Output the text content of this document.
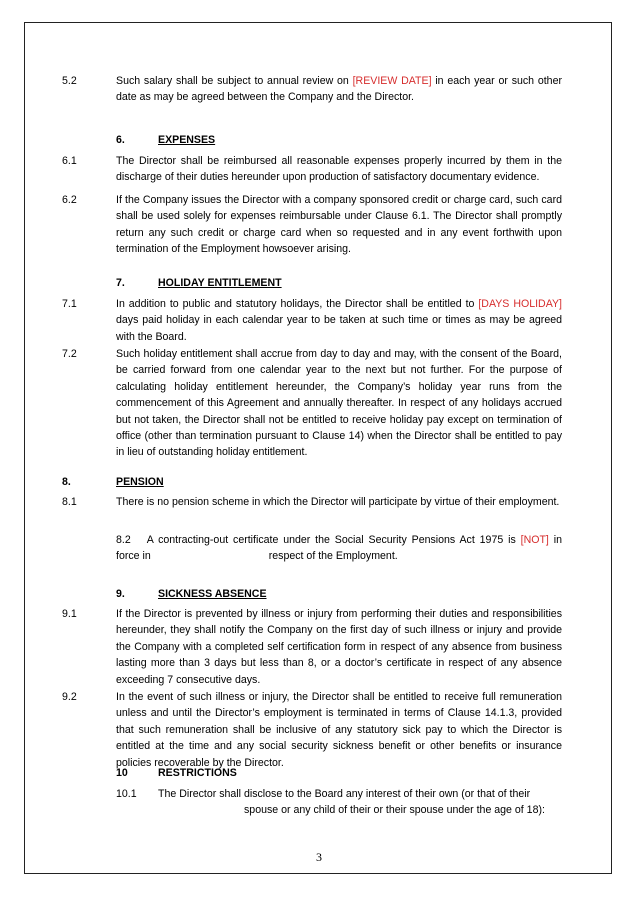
5.2	Such salary shall be subject to annual review on [REVIEW DATE] in each year or such other date as may be agreed between the Company and the Director.
6.	EXPENSES
6.1	The Director shall be reimbursed all reasonable expenses properly incurred by them in the discharge of their duties hereunder upon production of satisfactory documentary evidence.
6.2	If the Company issues the Director with a company sponsored credit or charge card, such card shall be used solely for expenses reimbursable under Clause 6.1. The Director shall promptly return any such credit or charge card when so requested and in any event forthwith upon termination of the Employment howsoever arising.
7.	HOLIDAY ENTITLEMENT
7.1	In addition to public and statutory holidays, the Director shall be entitled to [DAYS HOLIDAY] days paid holiday in each calendar year to be taken at such time or times as may be agreed with the Board.
7.2	Such holiday entitlement shall accrue from day to day and may, with the consent of the Board, be carried forward from one calendar year to the next but not further. For the purpose of calculating holiday entitlement hereunder, the Company’s holiday year runs from the commencement of this Agreement and annually thereafter. In respect of any holidays accrued but not taken, the Director shall not be entitled to receive holiday pay except on termination of office (other than termination pursuant to Clause 14) when the Director shall be entitled to pay in lieu of outstanding holiday entitlement.
8.	PENSION
8.1	There is no pension scheme in which the Director will participate by virtue of their employment.
8.2 A contracting-out certificate under the Social Security Pensions Act 1975 is [NOT] in force in	respect of the Employment.
9.	SICKNESS ABSENCE
9.1	If the Director is prevented by illness or injury from performing their duties and responsibilities hereunder, they shall notify the Company on the first day of such illness or injury and provide the Company with a completed self certification form in respect of any absence from business lasting more than 3 days but less than 8, or a doctor’s certificate in respect of any absence exceeding 7 consecutive days.
9.2	In the event of such illness or injury, the Director shall be entitled to receive full remuneration unless and until the Director’s employment is terminated in terms of Clause 14.1.3, provided that such remuneration shall be inclusive of any statutory sick pay to which the Director is entitled at the time and any social security sickness benefit or other benefits or insurance policies recoverable by the Director.
10	RESTRICTIONS
10.1 The Director shall disclose to the Board any interest of their own (or that of their
spouse or any child of their or their spouse under the age of 18):
3
